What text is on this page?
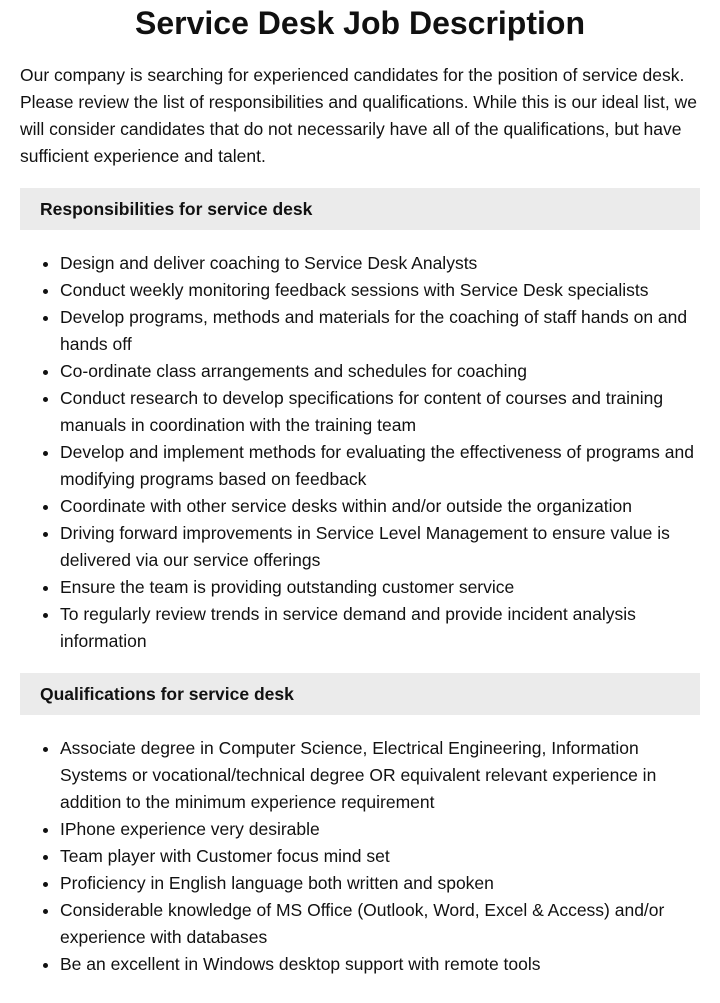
Service Desk Job Description

Our company is searching for experienced candidates for the position of service desk. Please review the list of responsibilities and qualifications. While this is our ideal list, we will consider candidates that do not necessarily have all of the qualifications, but have sufficient experience and talent.

Responsibilities for service desk
• Design and deliver coaching to Service Desk Analysts
• Conduct weekly monitoring feedback sessions with Service Desk specialists
• Develop programs, methods and materials for the coaching of staff hands on and hands off
• Co-ordinate class arrangements and schedules for coaching
• Conduct research to develop specifications for content of courses and training manuals in coordination with the training team
• Develop and implement methods for evaluating the effectiveness of programs and modifying programs based on feedback
• Coordinate with other service desks within and/or outside the organization
• Driving forward improvements in Service Level Management to ensure value is delivered via our service offerings
• Ensure the team is providing outstanding customer service
• To regularly review trends in service demand and provide incident analysis information
Qualifications for service desk
• Associate degree in Computer Science, Electrical Engineering, Information Systems or vocational/technical degree OR equivalent relevant experience in addition to the minimum experience requirement
• IPhone experience very desirable
• Team player with Customer focus mind set
• Proficiency in English language both written and spoken
• Considerable knowledge of MS Office (Outlook, Word, Excel & Access) and/or experience with databases
• Be an excellent in Windows desktop support with remote tools
